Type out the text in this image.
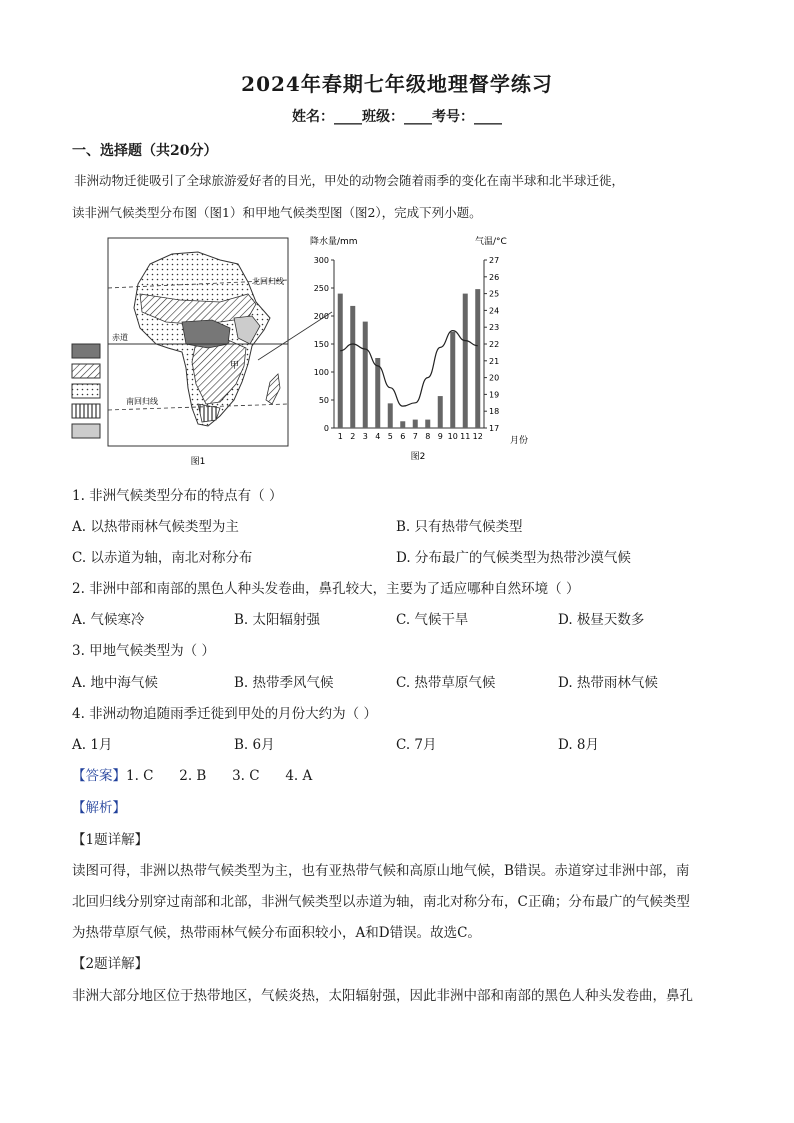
2024年春期七年级地理督学练习
姓名：____班级：____考号：____
一、选择题（共20分）
非洲动物迁徙吸引了全球旅游爱好者的目光，甲处的动物会随着雨季的变化在南半球和北半球迁徙，
读非洲气候类型分布图（图1）和甲地气候类型图（图2），完成下列小题。
北回归线
赤道
南回归线
甲
图1
降水量/mm	气温/°C
月份
图2
0
50
100
150
200
250
300
17
18
19
20
21
22
23
24
25
26
27
1 2 3 4 5 6 7 8 9 10 11 12
1. 非洲气候类型分布的特点有（ ）
A. 以热带雨林气候类型为主	B. 只有热带气候类型
C. 以赤道为轴，南北对称分布	D. 分布最广的气候类型为热带沙漠气候
2. 非洲中部和南部的黑色人种头发卷曲，鼻孔较大，主要为了适应哪种自然环境（ ）
A. 气候寒冷	B. 太阳辐射强	C. 气候干旱	D. 极昼天数多
3. 甲地气候类型为（ ）
A. 地中海气候	B. 热带季风气候	C. 热带草原气候	D. 热带雨林气候
4. 非洲动物追随雨季迁徙到甲处的月份大约为（ ）
A. 1月	B. 6月	C. 7月	D. 8月
【答案】1. C      2. B      3. C      4. A
【解析】
【1题详解】
读图可得，非洲以热带气候类型为主，也有亚热带气候和高原山地气候，B错误。赤道穿过非洲中部，南
北回归线分别穿过南部和北部，非洲气候类型以赤道为轴，南北对称分布，C正确；分布最广的气候类型
为热带草原气候，热带雨林气候分布面积较小，A和D错误。故选C。
【2题详解】
非洲大部分地区位于热带地区，气候炎热，太阳辐射强，因此非洲中部和南部的黑色人种头发卷曲，鼻孔
